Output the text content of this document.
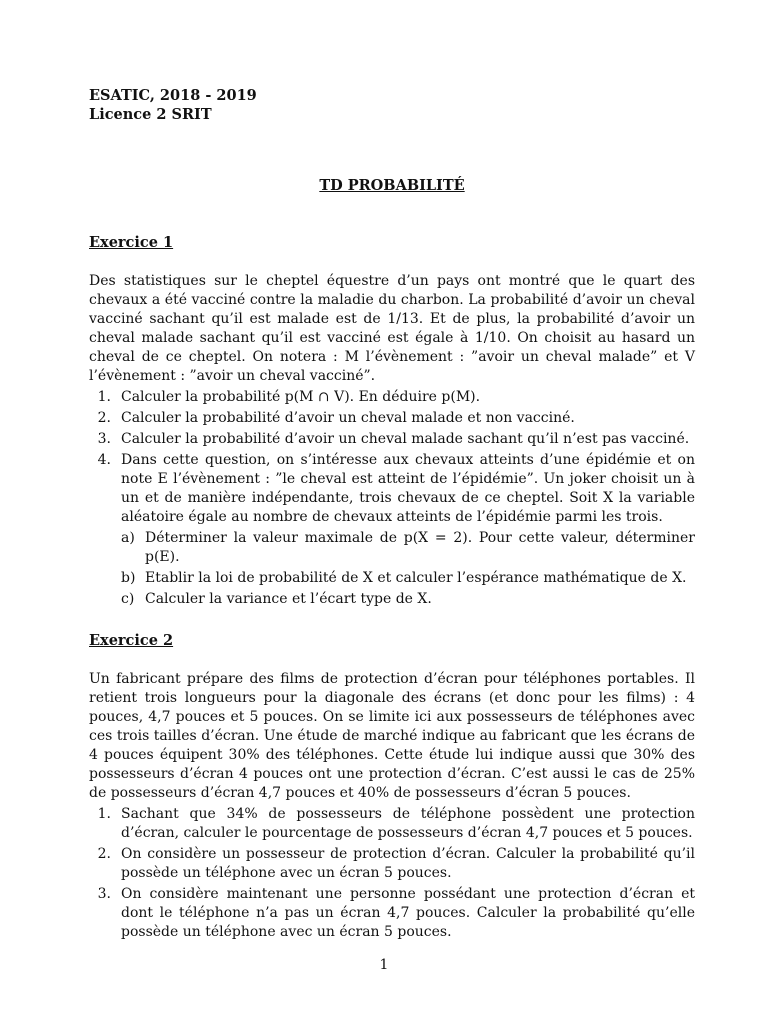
ESATIC, 2018 - 2019

Licence 2 SRIT

TD PROBABILITÉ
Exercice 1
Des statistiques sur le cheptel équestre d’un pays ont montré que le quart des chevaux a été vacciné contre la maladie du charbon. La probabilité d’avoir un cheval vacciné sachant qu’il est malade est de 1/13. Et de plus, la probabilité d’avoir un cheval malade sachant qu’il est vacciné est égale à 1/10. On choisit au hasard un cheval de ce cheptel. On notera : M l’évènement : ”avoir un cheval malade” et V l’évènement : ”avoir un cheval vacciné”.
1. Calculer la probabilité p(M ∩ V). En déduire p(M).
2. Calculer la probabilité d’avoir un cheval malade et non vacciné.
3. Calculer la probabilité d’avoir un cheval malade sachant qu’il n’est pas vacciné.
4. Dans cette question, on s’intéresse aux chevaux atteints d’une épidémie et on note E l’évènement : ”le cheval est atteint de l’épidémie”. Un joker choisit un à un et de manière indépendante, trois chevaux de ce cheptel. Soit X la variable aléatoire égale au nombre de chevaux atteints de l’épidémie parmi les trois.
a) Déterminer la valeur maximale de p(X = 2). Pour cette valeur, déterminer p(E).
b) Etablir la loi de probabilité de X et calculer l’espérance mathématique de X.
c) Calculer la variance et l’écart type de X.
Exercice 2
Un fabricant prépare des films de protection d’écran pour téléphones portables. Il retient trois longueurs pour la diagonale des écrans (et donc pour les films) : 4 pouces, 4,7 pouces et 5 pouces. On se limite ici aux possesseurs de téléphones avec ces trois tailles d’écran. Une étude de marché indique au fabricant que les écrans de 4 pouces équipent 30% des téléphones. Cette étude lui indique aussi que 30% des possesseurs d’écran 4 pouces ont une protection d’écran. C’est aussi le cas de 25% de possesseurs d’écran 4,7 pouces et 40% de possesseurs d’écran 5 pouces.
1. Sachant que 34% de possesseurs de téléphone possèdent une protection d’écran, calculer le pourcentage de possesseurs d’écran 4,7 pouces et 5 pouces.
2. On considère un possesseur de protection d’écran. Calculer la probabilité qu’il possède un téléphone avec un écran 5 pouces.
3. On considère maintenant une personne possédant une protection d’écran et dont le téléphone n’a pas un écran 4,7 pouces. Calculer la probabilité qu’elle possède un téléphone avec un écran 5 pouces.
1
